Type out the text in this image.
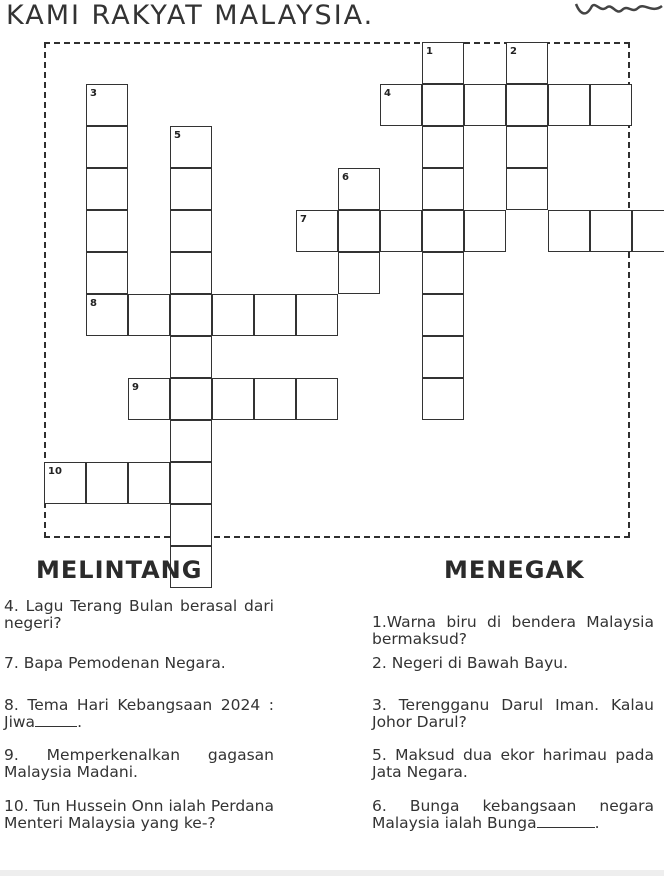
KAMI RAKYAT MALAYSIA.
1	2
3	4
5
6
7
8
9
10
MELINTANG	MENEGAK
4. Lagu Terang Bulan berasal dari negeri?
7. Bapa Pemodenan Negara.
8. Tema Hari Kebangsaan 2024 : Jiwa	.
9. Memperkenalkan gagasan Malaysia Madani.
10. Tun Hussein Onn ialah Perdana Menteri Malaysia yang ke-?
1.Warna biru di bendera Malaysia bermaksud?
2. Negeri di Bawah Bayu.
3. Terengganu Darul Iman. Kalau Johor Darul?
5. Maksud dua ekor harimau pada Jata Negara.
6. Bunga kebangsaan negara Malaysia ialah Bunga	.
